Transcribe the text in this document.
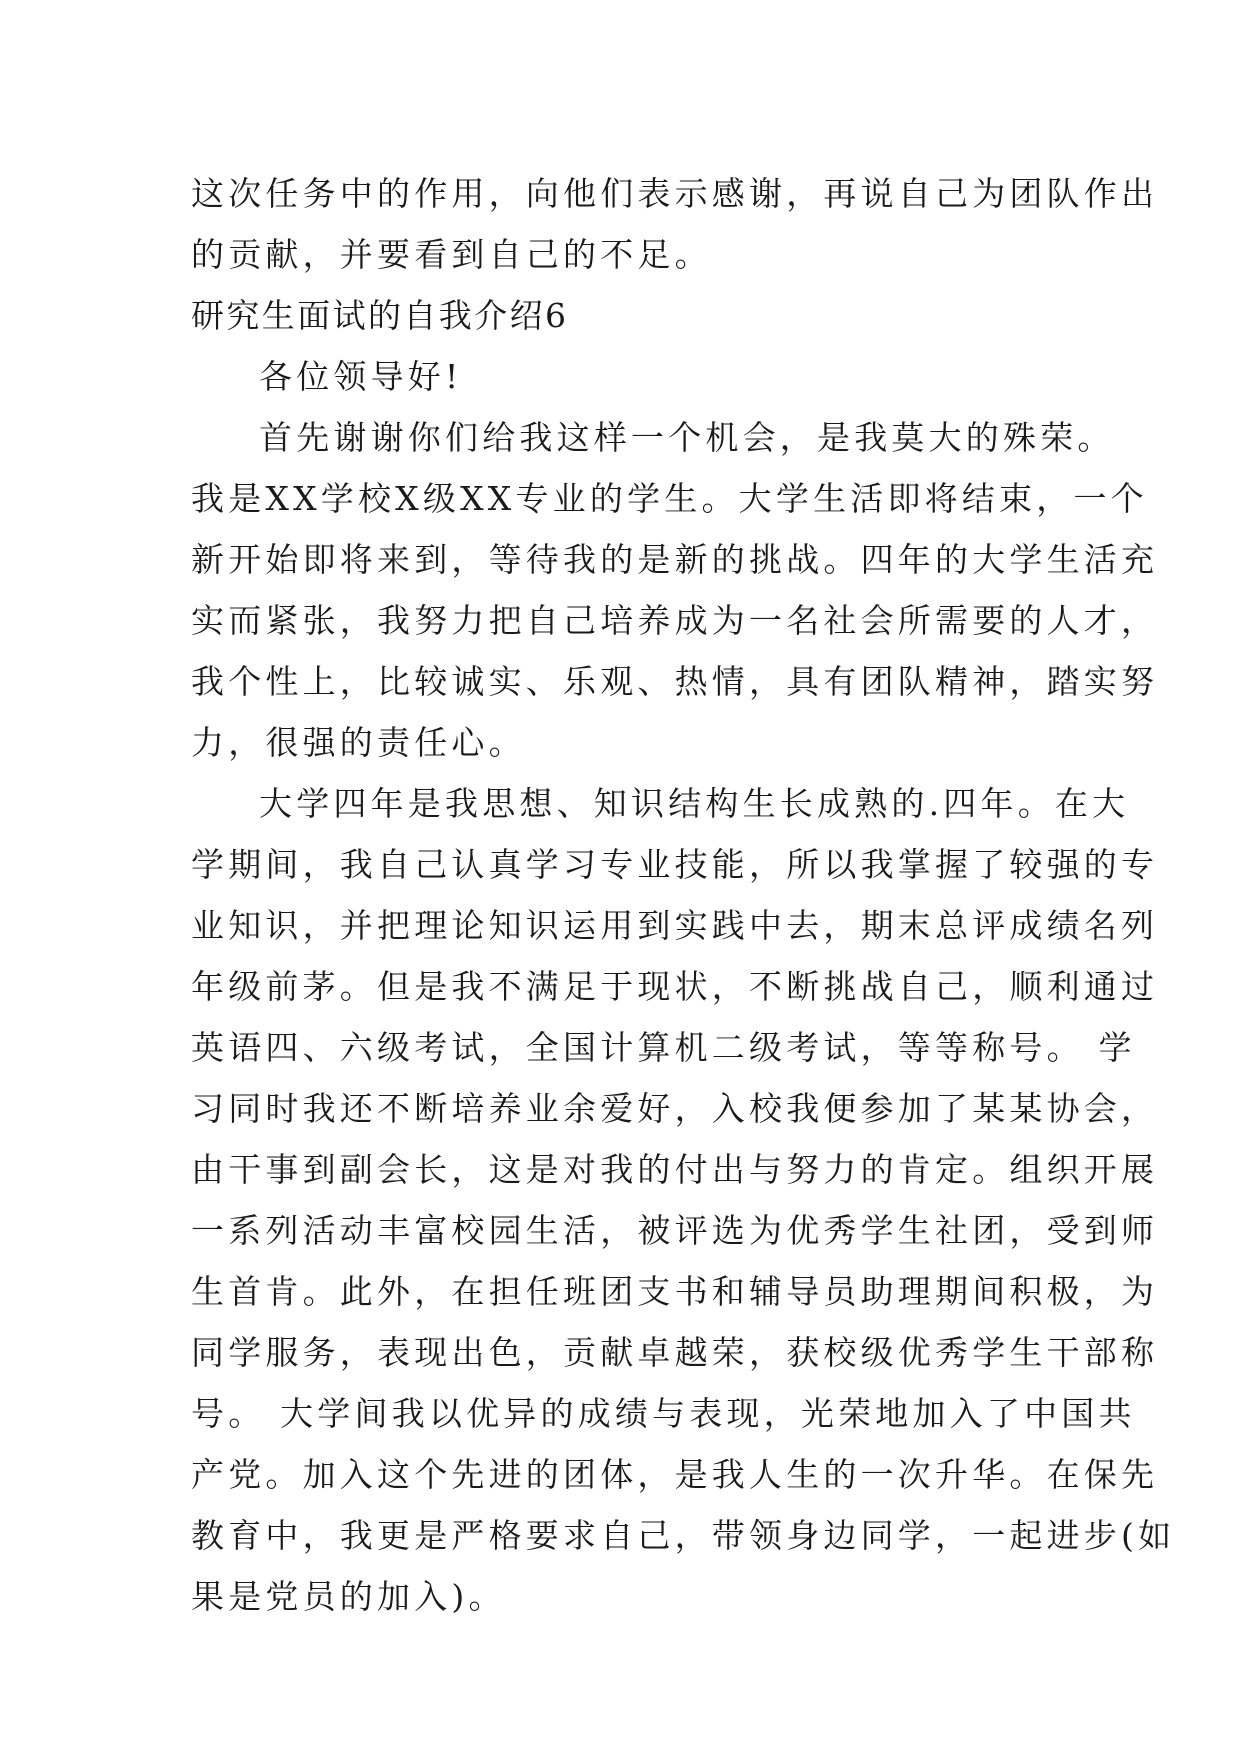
这次任务中的作用，向他们表示感谢，再说自己为团队作出
的贡献，并要看到自己的不足。
研究生面试的自我介绍6
各位领导好!
首先谢谢你们给我这样一个机会，是我莫大的殊荣。
我是XX学校X级XX专业的学生。大学生活即将结束，一个
新开始即将来到，等待我的是新的挑战。四年的大学生活充
实而紧张，我努力把自己培养成为一名社会所需要的人才，
我个性上，比较诚实、乐观、热情，具有团队精神，踏实努
力，很强的责任心。
大学四年是我思想、知识结构生长成熟的.四年。在大
学期间，我自己认真学习专业技能，所以我掌握了较强的专
业知识，并把理论知识运用到实践中去，期末总评成绩名列
年级前茅。但是我不满足于现状，不断挑战自己，顺利通过
英语四、六级考试，全国计算机二级考试，等等称号。 学
习同时我还不断培养业余爱好，入校我便参加了某某协会，
由干事到副会长，这是对我的付出与努力的肯定。组织开展
一系列活动丰富校园生活，被评选为优秀学生社团，受到师
生首肯。此外，在担任班团支书和辅导员助理期间积极，为
同学服务，表现出色，贡献卓越荣，获校级优秀学生干部称
号。 大学间我以优异的成绩与表现，光荣地加入了中国共
产党。加入这个先进的团体，是我人生的一次升华。在保先
教育中，我更是严格要求自己，带领身边同学，一起进步(如
果是党员的加入)。
